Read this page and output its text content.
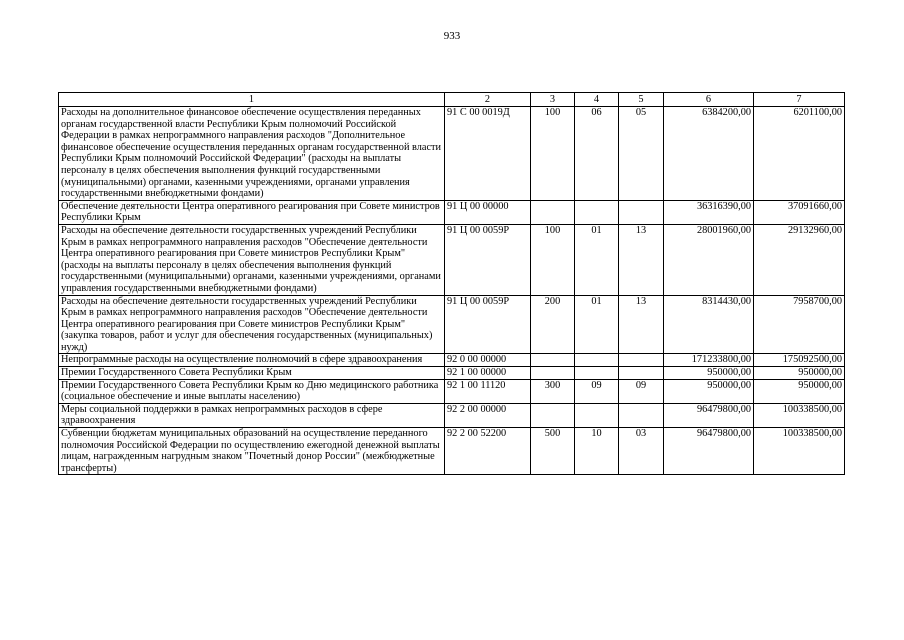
933
1	2	3	4	5	6	7
Расходы на дополнительное финансовое обеспечение осуществления переданных органам государственной власти Республики Крым полномочий Российской Федерации в рамках непрограммного направления расходов "Дополнительное финансовое обеспечение осуществления переданных органам государственной власти Республики Крым полномочий Российской Федерации" (расходы на выплаты персоналу в целях обеспечения выполнения функций государственными (муниципальными) органами, казенными учреждениями, органами управления государственными внебюджетными фондами)	91 С 00 0019Д	100	06	05	6384200,00	6201100,00
Обеспечение деятельности Центра оперативного реагирования при Совете министров Республики Крым	91 Ц 00 00000				36316390,00	37091660,00
Расходы на обеспечение деятельности государственных учреждений Республики Крым в рамках непрограммного направления расходов "Обеспечение деятельности Центра оперативного реагирования при Совете министров Республики Крым" (расходы на выплаты персоналу в целях обеспечения выполнения функций государственными (муниципальными) органами, казенными учреждениями, органами управления государственными внебюджетными фондами)	91 Ц 00 0059Р	100	01	13	28001960,00	29132960,00
Расходы на обеспечение деятельности государственных учреждений Республики Крым в рамках непрограммного направления расходов "Обеспечение деятельности Центра оперативного реагирования при Совете министров Республики Крым" (закупка товаров, работ и услуг для обеспечения государственных (муниципальных) нужд)	91 Ц 00 0059Р	200	01	13	8314430,00	7958700,00
Непрограммные расходы на осуществление полномочий в сфере здравоохранения	92 0 00 00000				171233800,00	175092500,00
Премии Государственного Совета Республики Крым	92 1 00 00000				950000,00	950000,00
Премии Государственного Совета Республики Крым ко Дню медицинского работника (социальное обеспечение и иные выплаты населению)	92 1 00 11120	300	09	09	950000,00	950000,00
Меры социальной поддержки в рамках непрограммных расходов в сфере здравоохранения	92 2 00 00000				96479800,00	100338500,00
Субвенции бюджетам муниципальных образований на осуществление переданного полномочия Российской Федерации по осуществлению ежегодной денежной выплаты лицам, награжденным нагрудным знаком "Почетный донор России" (межбюджетные трансферты)	92 2 00 52200	500	10	03	96479800,00	100338500,00
